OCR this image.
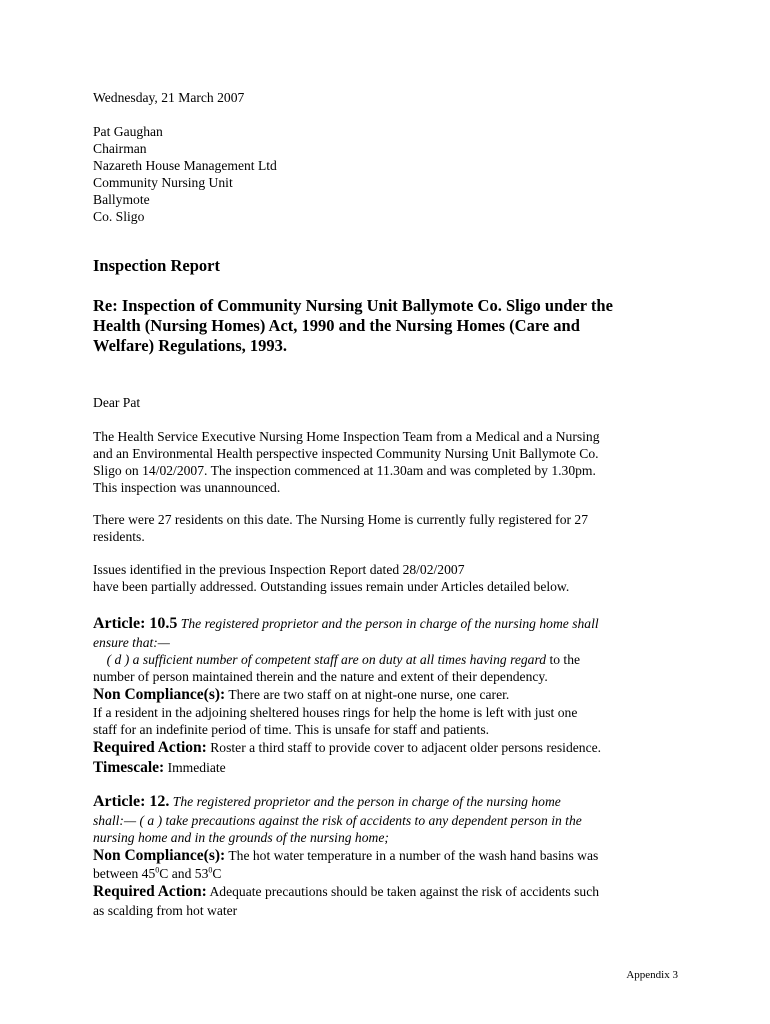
Wednesday, 21 March 2007
Pat Gaughan
Chairman
Nazareth House Management Ltd
Community Nursing Unit
Ballymote
Co. Sligo
Inspection Report
Re: Inspection of Community Nursing Unit Ballymote Co. Sligo under the
Health (Nursing Homes) Act, 1990 and the Nursing Homes (Care and
Welfare) Regulations, 1993.
Dear Pat
The Health Service Executive Nursing Home Inspection Team from a Medical and a Nursing
and an Environmental Health perspective inspected Community Nursing Unit Ballymote Co.
Sligo on 14/02/2007. The inspection commenced at 11.30am and was completed by 1.30pm.
This inspection was unannounced.
There were 27 residents on this date. The Nursing Home is currently fully registered for 27
residents.
Issues identified in the previous Inspection Report dated 28/02/2007
have been partially addressed. Outstanding issues remain under Articles detailed below.
Article: 10.5 The registered proprietor and the person in charge of the nursing home shall
ensure that:—
( d ) a sufficient number of competent staff are on duty at all times having regard to the
number of person maintained therein and the nature and extent of their dependency.
Non Compliance(s): There are two staff on at night-one nurse, one carer.
If a resident in the adjoining sheltered houses rings for help the home is left with just one
staff for an indefinite period of time. This is unsafe for staff and patients.
Required Action: Roster a third staff to provide cover to adjacent older persons residence.
Timescale: Immediate
Article: 12. The registered proprietor and the person in charge of the nursing home
shall:— ( a ) take precautions against the risk of accidents to any dependent person in the
nursing home and in the grounds of the nursing home;
Non Compliance(s): The hot water temperature in a number of the wash hand basins was
between $45^0C$ and $53^0C$
Required Action: Adequate precautions should be taken against the risk of accidents such
as scalding from hot water
Appendix 3
